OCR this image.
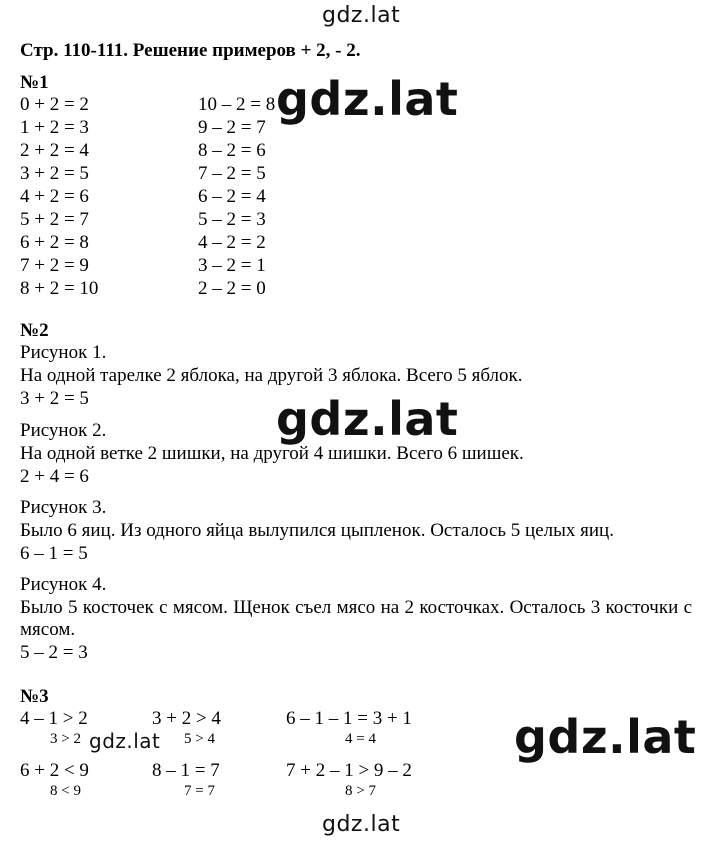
gdz.lat
Стр. 110-111. Решение примеров + 2, - 2.
№1
0 + 2 = 2
1 + 2 = 3
2 + 2 = 4
3 + 2 = 5
4 + 2 = 6
5 + 2 = 7
6 + 2 = 8
7 + 2 = 9
8 + 2 = 10
10 – 2 = 8
9 – 2 = 7
8 – 2 = 6
7 – 2 = 5
6 – 2 = 4
5 – 2 = 3
4 – 2 = 2
3 – 2 = 1
2 – 2 = 0
gdz.lat
№2
Рисунок 1.
На одной тарелке 2 яблока, на другой 3 яблока. Всего 5 яблок.
3 + 2 = 5
Рисунок 2.
На одной ветке 2 шишки, на другой 4 шишки. Всего 6 шишек.
2 + 4 = 6
Рисунок 3.
Было 6 яиц. Из одного яйца вылупился цыпленок. Осталось 5 целых яиц.
6 – 1 = 5
Рисунок 4.
Было 5 косточек с мясом. Щенок съел мясо на 2 косточках. Осталось 3 косточки с мясом.
5 – 2 = 3
gdz.lat
№3
4 – 1 > 2
3 > 2
3 + 2 > 4
5 > 4
6 – 1 – 1 = 3 + 1
4 = 4
6 + 2 < 9
8 < 9
8 – 1 = 7
7 = 7
7 + 2 – 1 > 9 – 2
8 > 7
gdz.lat	gdz.lat
gdz.lat
